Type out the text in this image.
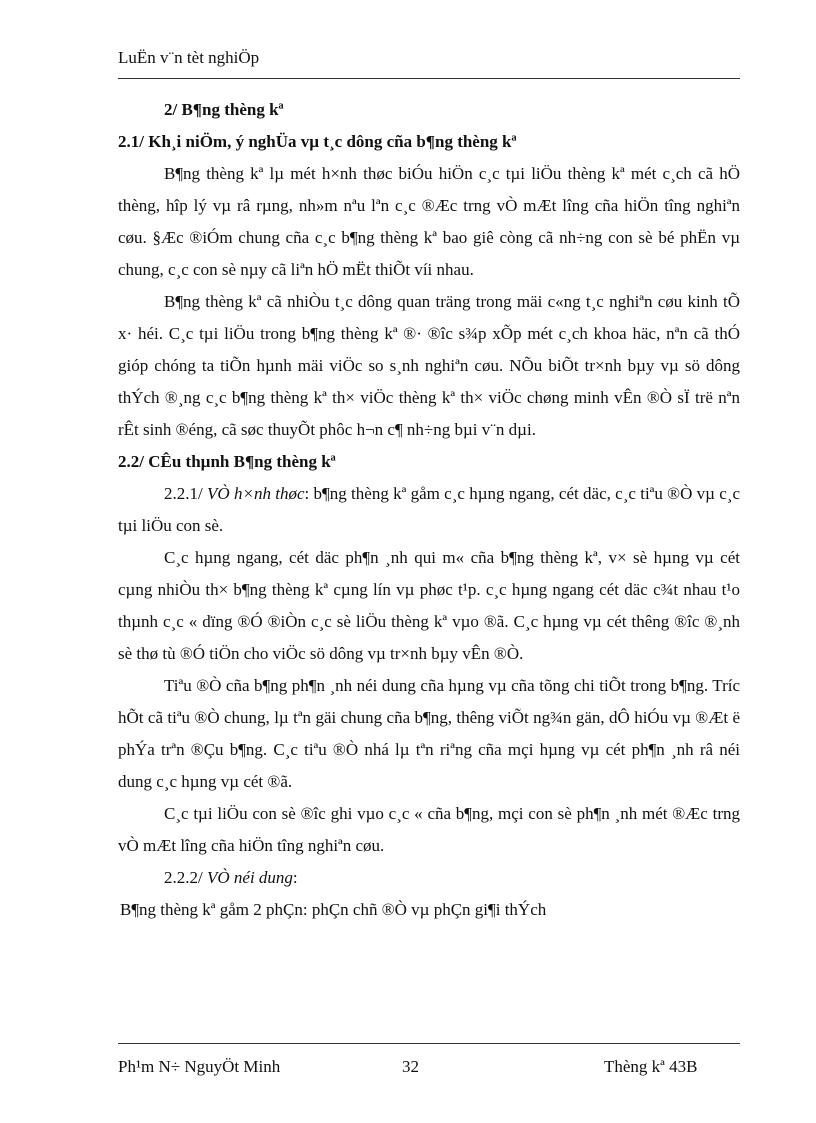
LuËn v¨n tèt nghiÖp

2/ B¶ng thèng kª

2.1/ Kh¸i niÖm, ý nghÜa vµ t¸c dông cña b¶ng thèng kª

B¶ng thèng kª lµ mét h×nh thøc biÓu hiÖn c¸c tµi liÖu thèng kª mét c¸ch cã hÖ thèng, hîp lý vµ râ rµng, nh»m nªu lªn c¸c ®Æc trng vÒ mÆt lîng cña hiÖn tîng nghiªn cøu. §Æc ®iÓm chung cña c¸c b¶ng thèng kª bao giê còng cã nh÷ng con sè bé phËn vµ chung, c¸c con sè nµy cã liªn hÖ mËt thiÕt víi nhau.

B¶ng thèng kª cã nhiÒu t¸c dông quan träng trong mäi c«ng t¸c nghiªn cøu kinh tÕ x· héi. C¸c tµi liÖu trong b¶ng thèng kª ®· ®îc s¾p xÕp mét c¸ch khoa häc, nªn cã thÓ gióp chóng ta tiÕn hµnh mäi viÖc so s¸nh nghiªn cøu. NÕu biÕt tr×nh bµy vµ sö dông thÝch ®¸ng c¸c b¶ng thèng kª th× viÖc thèng kª th× viÖc chøng minh vÊn ®Ò sÏ trë nªn rÊt sinh ®éng, cã søc thuyÕt phôc h¬n c¶ nh÷ng bµi v¨n dµi.

2.2/ CÊu thµnh B¶ng thèng kª

2.2.1/ VÒ h×nh thøc: b¶ng thèng kª gåm c¸c hµng ngang, cét däc, c¸c tiªu ®Ò vµ c¸c tµi liÖu con sè.

C¸c hµng ngang, cét däc ph¶n ¸nh qui m« cña b¶ng thèng kª, v× sè hµng vµ cét cµng nhiÒu th× b¶ng thèng kª cµng lín vµ phøc t¹p. c¸c hµng ngang cét däc c¾t nhau t¹o thµnh c¸c « dïng ®Ó ®iÒn c¸c sè liÖu thèng kª vµo ®ã. C¸c hµng vµ cét thêng ®îc ®¸nh sè thø tù ®Ó tiÖn cho viÖc sö dông vµ tr×nh bµy vÊn ®Ò.

Tiªu ®Ò cña b¶ng ph¶n ¸nh néi dung cña hµng vµ cña tõng chi tiÕt trong b¶ng. Tríc hÕt cã tiªu ®Ò chung, lµ tªn gäi chung cña b¶ng, thêng viÕt ng¾n gän, dÔ hiÓu vµ ®Æt ë phÝa trªn ®Çu b¶ng. C¸c tiªu ®Ò nhá lµ tªn riªng cña mçi hµng vµ cét ph¶n ¸nh râ néi dung c¸c hµng vµ cét ®ã.

C¸c tµi liÖu con sè ®îc ghi vµo c¸c « cña b¶ng, mçi con sè ph¶n ¸nh mét ®Æc trng vÒ mÆt lîng cña hiÖn tîng nghiªn cøu.

2.2.2/ VÒ néi dung:

B¶ng thèng kª gåm 2 phÇn: phÇn chñ ®Ò vµ phÇn gi¶i thÝch

Ph¹m N÷ NguyÖt Minh	32	Thèng kª 43B
